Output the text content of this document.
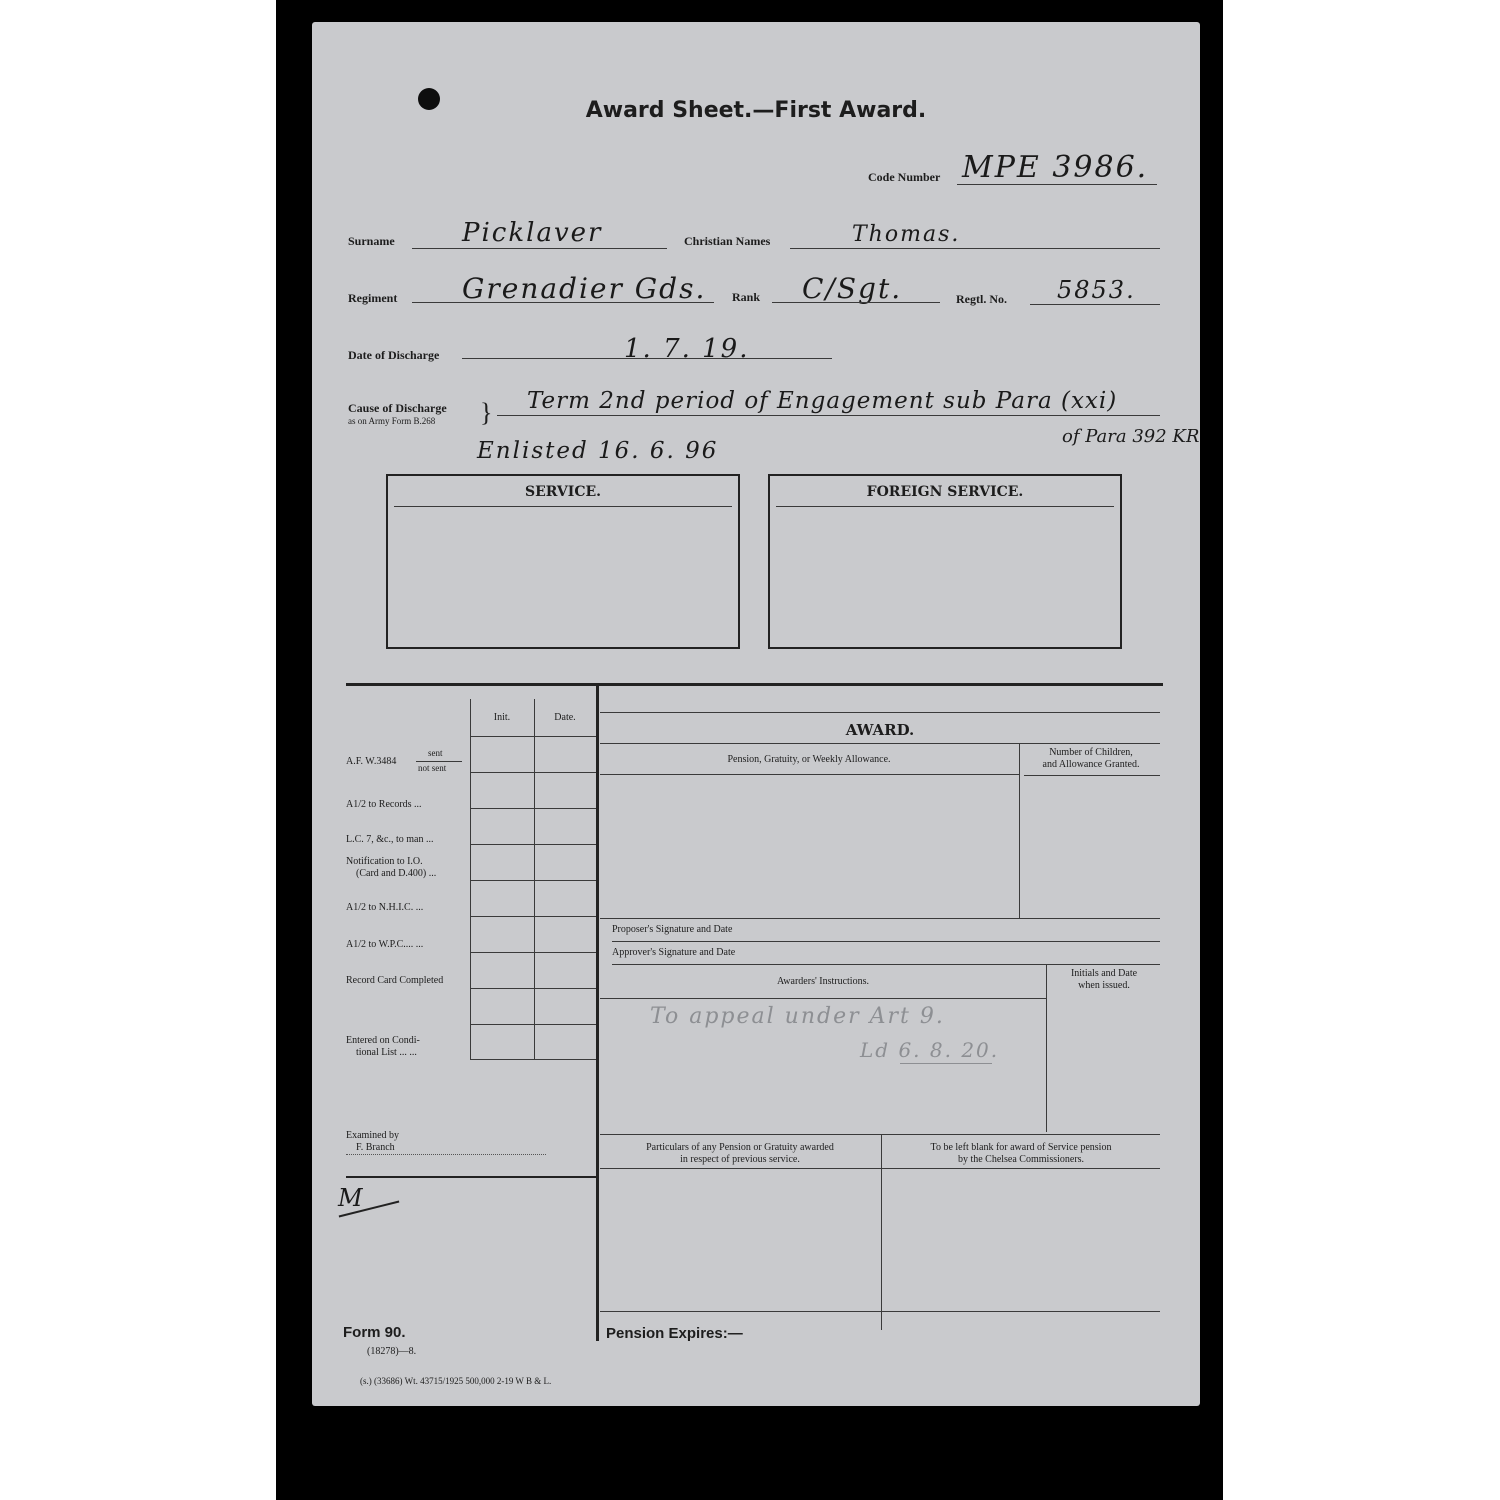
Award Sheet.—First Award.
Code Number MPE 3986.
Surname	Picklaver	Christian Names	Thomas.
Regiment Grenadier Gds. Rank C/Sgt.	Regtl. No. 5853.
Date of Discharge	1. 7. 19.
Cause of Discharge
as on Army Form B.268 } Term 2nd period of Engagement sub Para (xxi)
of Para 392 KR
Enlisted 16. 6. 96
SERVICE.	FOREIGN SERVICE.
Init.	Date.
A.F. W.3484
sent
not sent
A1/2 to Records ...
L.C. 7, &c., to man ...
Notification to I.O.
(Card and D.400) ...
A1/2 to N.H.I.C. ...
A1/2 to W.P.C.... ...
Record Card Completed
Entered on Condi-
tional List ... ...
Examined by
F. Branch
M
AWARD.
Pension, Gratuity, or Weekly Allowance.
Number of Children,
and Allowance Granted.
Proposer's Signature and Date
Approver's Signature and Date
Awarders' Instructions.
Initials and Date
when issued.
To appeal under Art 9.
Ld 6. 8. 20.
Particulars of any Pension or Gratuity awarded
in respect of previous service.
To be left blank for award of Service pension
by the Chelsea Commissioners.
Pension Expires:—
Form 90.
(18278)—8.
(s.) (33686) Wt. 43715/1925 500,000 2-19 W B & L.
